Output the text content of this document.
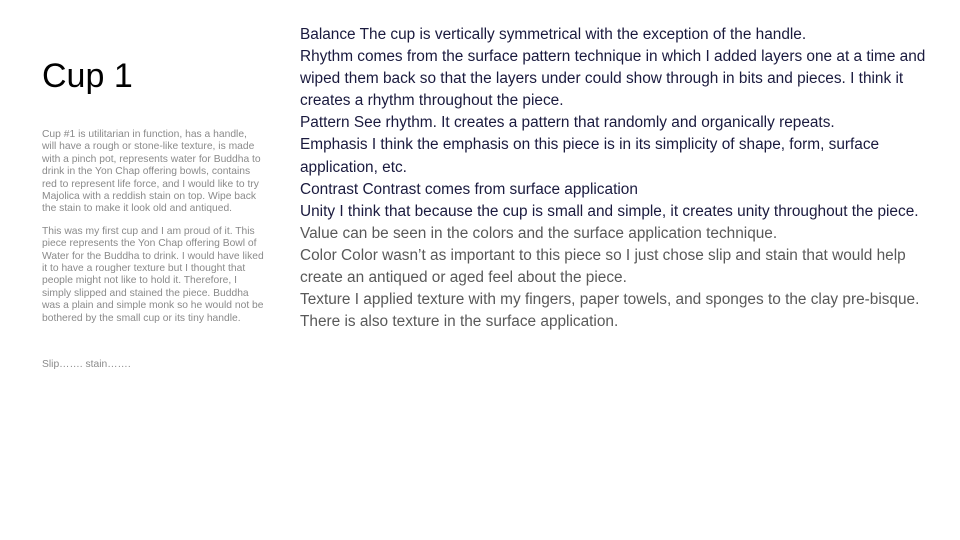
Cup 1

Cup #1 is utilitarian in function, has a handle, will have a rough or stone-like texture, is made with a pinch pot, represents water for Buddha to drink in the Yon Chap offering bowls, contains red to represent life force, and I would like to try Majolica with a reddish stain on top. Wipe back the stain to make it look old and antiqued.

This was my first cup and I am proud of it. This piece represents the Yon Chap offering Bowl of Water for the Buddha to drink. I would have liked it to have a rougher texture but I thought that people might not like to hold it. Therefore, I simply slipped and stained the piece. Buddha was a plain and simple monk so he would not be bothered by the small cup or its tiny handle.

Slip……. stain…….

Balance The cup is vertically symmetrical with the exception of the handle.

Rhythm comes from the surface pattern technique in which I added layers one at a time and wiped them back so that the layers under could show through in bits and pieces. I think it creates a rhythm throughout the piece.

Pattern See rhythm. It creates a pattern that randomly and organically repeats.

Emphasis I think the emphasis on this piece is in its simplicity of shape, form, surface application, etc.

Contrast Contrast comes from surface application

Unity I think that because the cup is small and simple, it creates unity throughout the piece.

Value can be seen in the colors and the surface application technique.

Color Color wasn’t as important to this piece so I just chose slip and stain that would help create an antiqued or aged feel about the piece.

Texture I applied texture with my fingers, paper towels, and sponges to the clay pre-bisque. There is also texture in the surface application.
